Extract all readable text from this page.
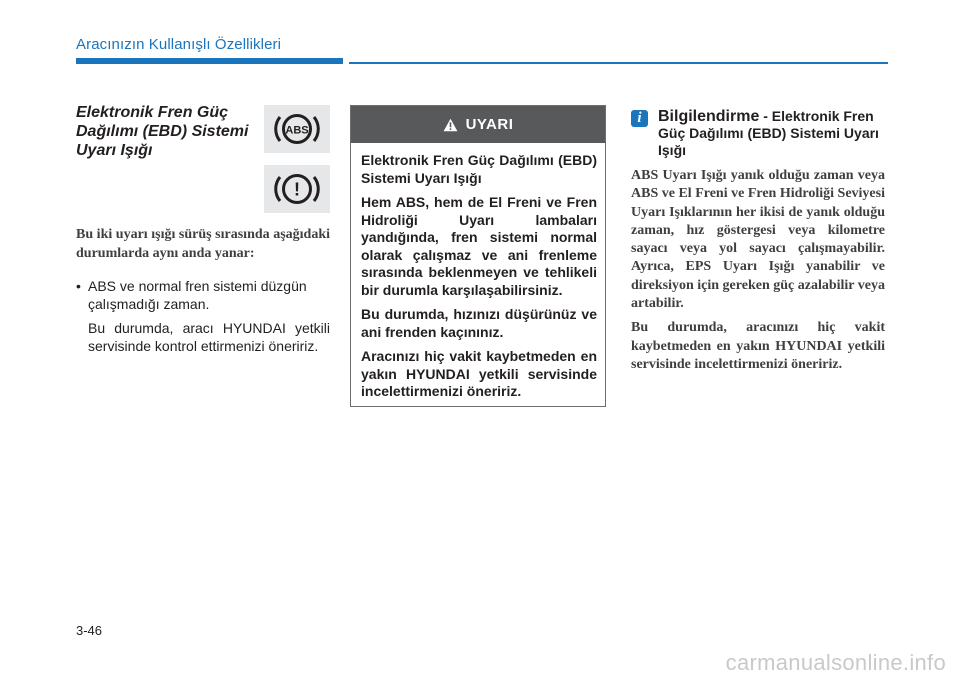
Aracınızın Kullanışlı Özellikleri
Elektronik Fren Güç Dağılımı (EBD) Sistemi Uyarı Işığı
ABS
!
Bu iki uyarı ışığı sürüş sırasında aşağıdaki durumlarda aynı anda yanar:
• ABS ve normal fren sistemi düzgün çalışmadığı zaman.
Bu durumda, aracı HYUNDAI yetkili servisinde kontrol ettirmenizi öneririz.
UYARI

Elektronik Fren Güç Dağılımı (EBD) Sistemi Uyarı Işığı

Hem ABS, hem de El Freni ve Fren Hidroliği Uyarı lambaları yandığında, fren sistemi normal olarak çalışmaz ve ani frenleme sırasında beklenmeyen ve tehlikeli bir durumla karşılaşabilirsiniz.

Bu durumda, hızınızı düşürünüz ve ani frenden kaçınınız.

Aracınızı hiç vakit kaybetmeden en yakın HYUNDAI yetkili servisinde incelettirmenizi öneririz.

i	Bilgilendirme - Elektronik Fren Güç Dağılımı (EBD) Sistemi Uyarı Işığı

ABS Uyarı Işığı yanık olduğu zaman veya ABS ve El Freni ve Fren Hidroliği Seviyesi Uyarı Işıklarının her ikisi de yanık olduğu zaman, hız göstergesi veya kilometre sayacı veya yol sayacı çalışmayabilir. Ayrıca, EPS Uyarı Işığı yanabilir ve direksiyon için gereken güç azalabilir veya artabilir.

Bu durumda, aracınızı hiç vakit kaybetmeden en yakın HYUNDAI yetkili servisinde incelettirmenizi öneririz.

3-46
carmanualsonline.info
